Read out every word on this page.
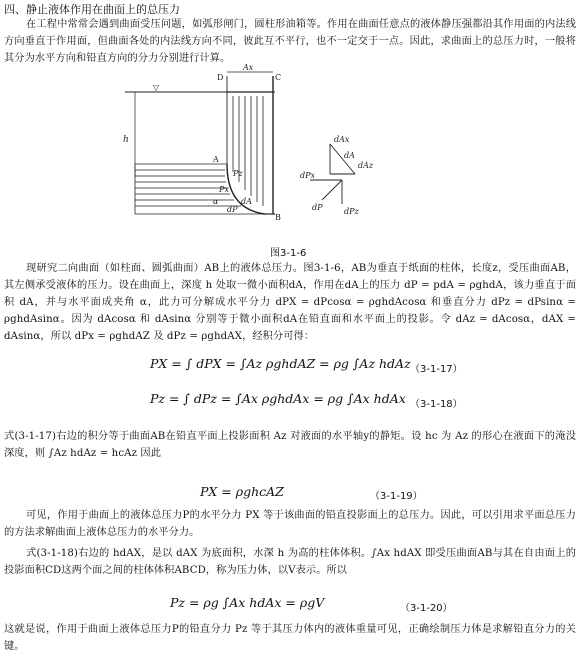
四、静止液体作用在曲面上的总压力
在工程中常常会遇到曲面受压问题，如弧形闸门，圆柱形油箱等。作用在曲面任意点的液体静压强都沿其作用面的内法线方向垂直于作用面，但曲面各处的内法线方向不同，彼此互不平行，也不一定交于一点。因此，求曲面上的总压力时，一般将其分为水平方向和铅直方向的分力分别进行计算。
▽
Ax
h
A
D	C
B
Pz
Px
dA
α
dP
dAx
dAz
dA
dPx
dP	dPz
图3-1-6
现研究二向曲面（如柱面、圆弧曲面）AB上的液体总压力。图3-1-6，AB为垂直于纸面的柱体，长度z，受压曲面AB，其左侧承受液体的压力。设在曲面上，深度 h 处取一微小面积dA，作用在dA上的压力 dP = pdA = ρghdA，该力垂直于面积 dA，并与水平面成夹角 α，此力可分解成水平分力 dPX = dPcosα = ρghdAcosα 和垂直分力 dPz = dPsinα = ρghdAsinα。因为 dAcosα 和 dAsinα 分别等于微小面积dA在铅直面和水平面上的投影。令 dAz = dAcosα，dAX = dAsinα，所以 dPx = ρghdAZ 及 dPz = ρghdAX，经积分可得：
PX = ∫ dPX = ∫Az ρghdAZ = ρg ∫Az hdAz （3-1-17）
Pz = ∫ dPz = ∫Ax ρghdAx = ρg ∫Ax hdAx （3-1-18）
式(3-1-17)右边的积分等于曲面AB在铅直平面上投影面积 Az 对液面的水平轴y的静矩。设 hc 为 Az 的形心在液面下的淹没深度，则 ∫Az hdAz = hcAz 因此
PX = ρghcAZ	（3-1-19）
可见，作用于曲面上的液体总压力P的水平分力 PX 等于该曲面的铅直投影面上的总压力。因此，可以引用求平面总压力的方法求解曲面上液体总压力的水平分力。
式(3-1-18)右边的 hdAX，是以 dAX 为底面积，水深 h 为高的柱体体积。∫Ax hdAX 即受压曲面AB与其在自由面上的投影面积CD这两个面之间的柱体体积ABCD，称为压力体，以V表示。所以
Pz = ρg ∫Ax hdAx = ρgV	（3-1-20）
这就是说，作用于曲面上液体总压力P的铅直分力 Pz 等于其压力体内的液体重量可见，正确绘制压力体是求解铅直分力的关键。
